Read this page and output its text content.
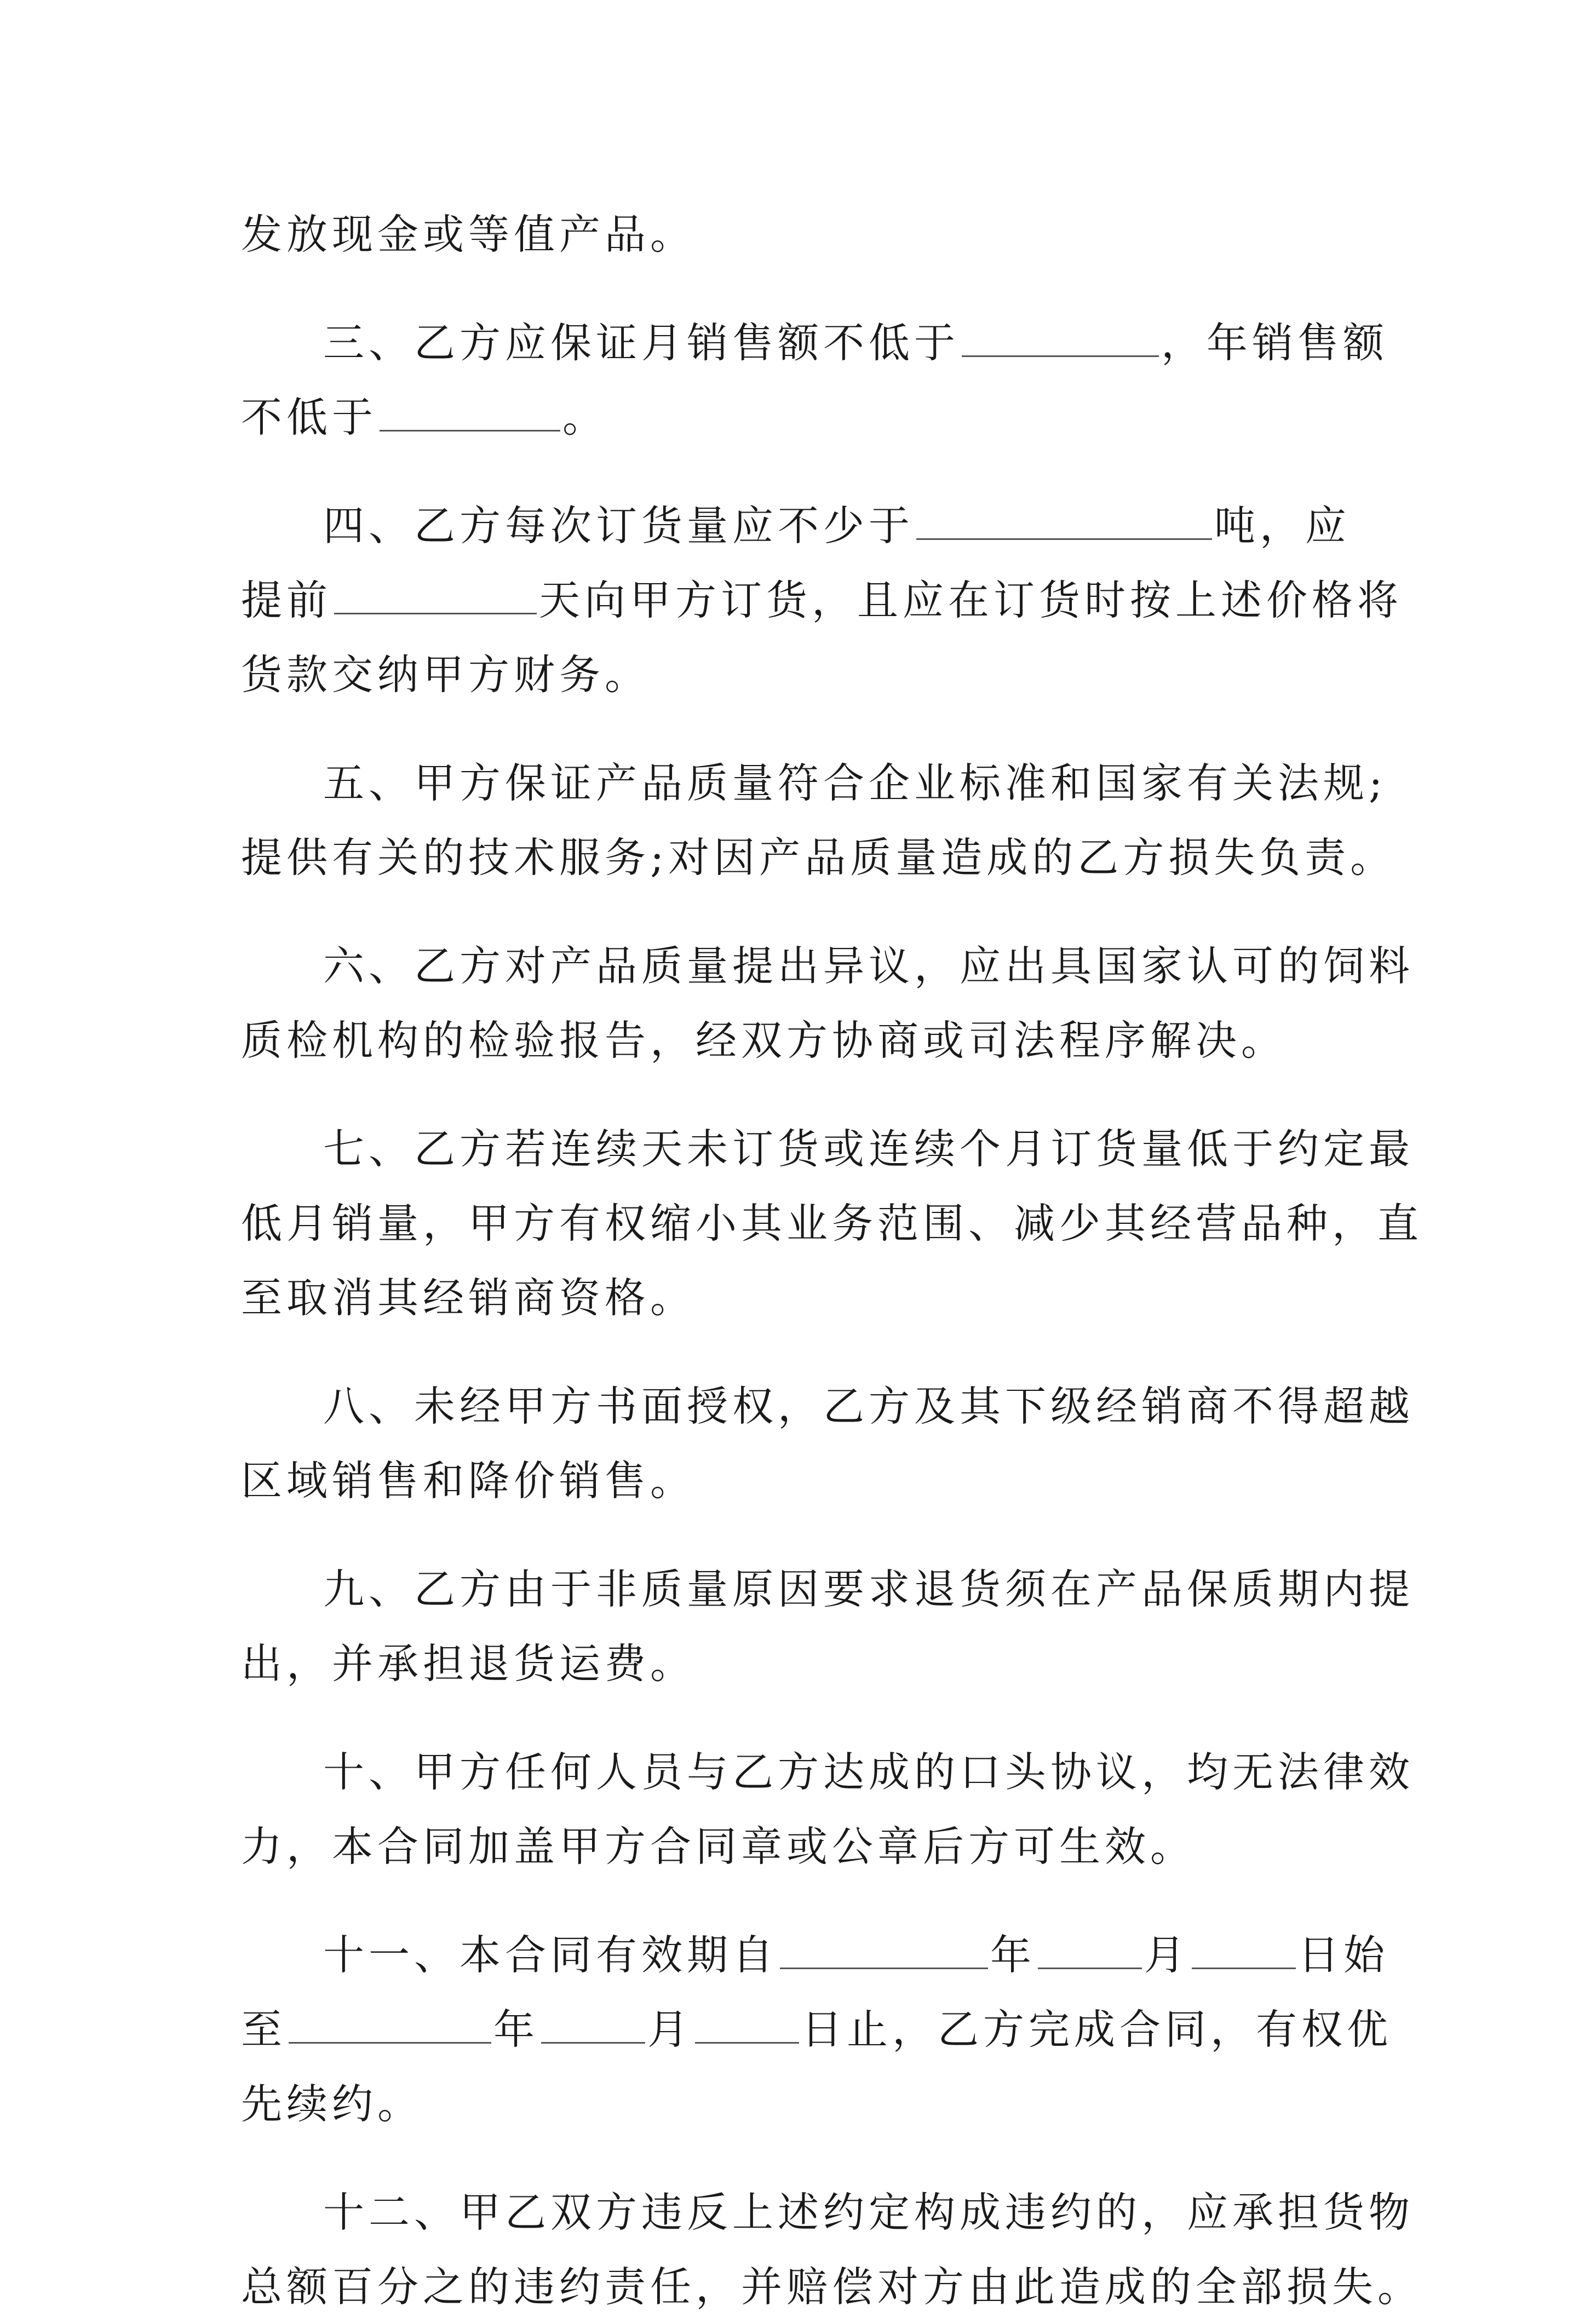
发放现金或等值产品。
三、乙方应保证月销售额不低于	，年销售额
不低于	。
四、乙方每次订货量应不少于	吨，应
提前	天向甲方订货，且应在订货时按上述价格将
货款交纳甲方财务。
五、甲方保证产品质量符合企业标准和国家有关法规;
提供有关的技术服务;对因产品质量造成的乙方损失负责。
六、乙方对产品质量提出异议，应出具国家认可的饲料
质检机构的检验报告，经双方协商或司法程序解决。
七、乙方若连续天未订货或连续个月订货量低于约定最
低月销量，甲方有权缩小其业务范围、减少其经营品种，直
至取消其经销商资格。
八、未经甲方书面授权，乙方及其下级经销商不得超越
区域销售和降价销售。
九、乙方由于非质量原因要求退货须在产品保质期内提
出，并承担退货运费。
十、甲方任何人员与乙方达成的口头协议，均无法律效
力，本合同加盖甲方合同章或公章后方可生效。
十一、本合同有效期自	年	月	日始
至	年	月	日止，乙方完成合同，有权优
先续约。
十二、甲乙双方违反上述约定构成违约的，应承担货物
总额百分之的违约责任，并赔偿对方由此造成的全部损失。
